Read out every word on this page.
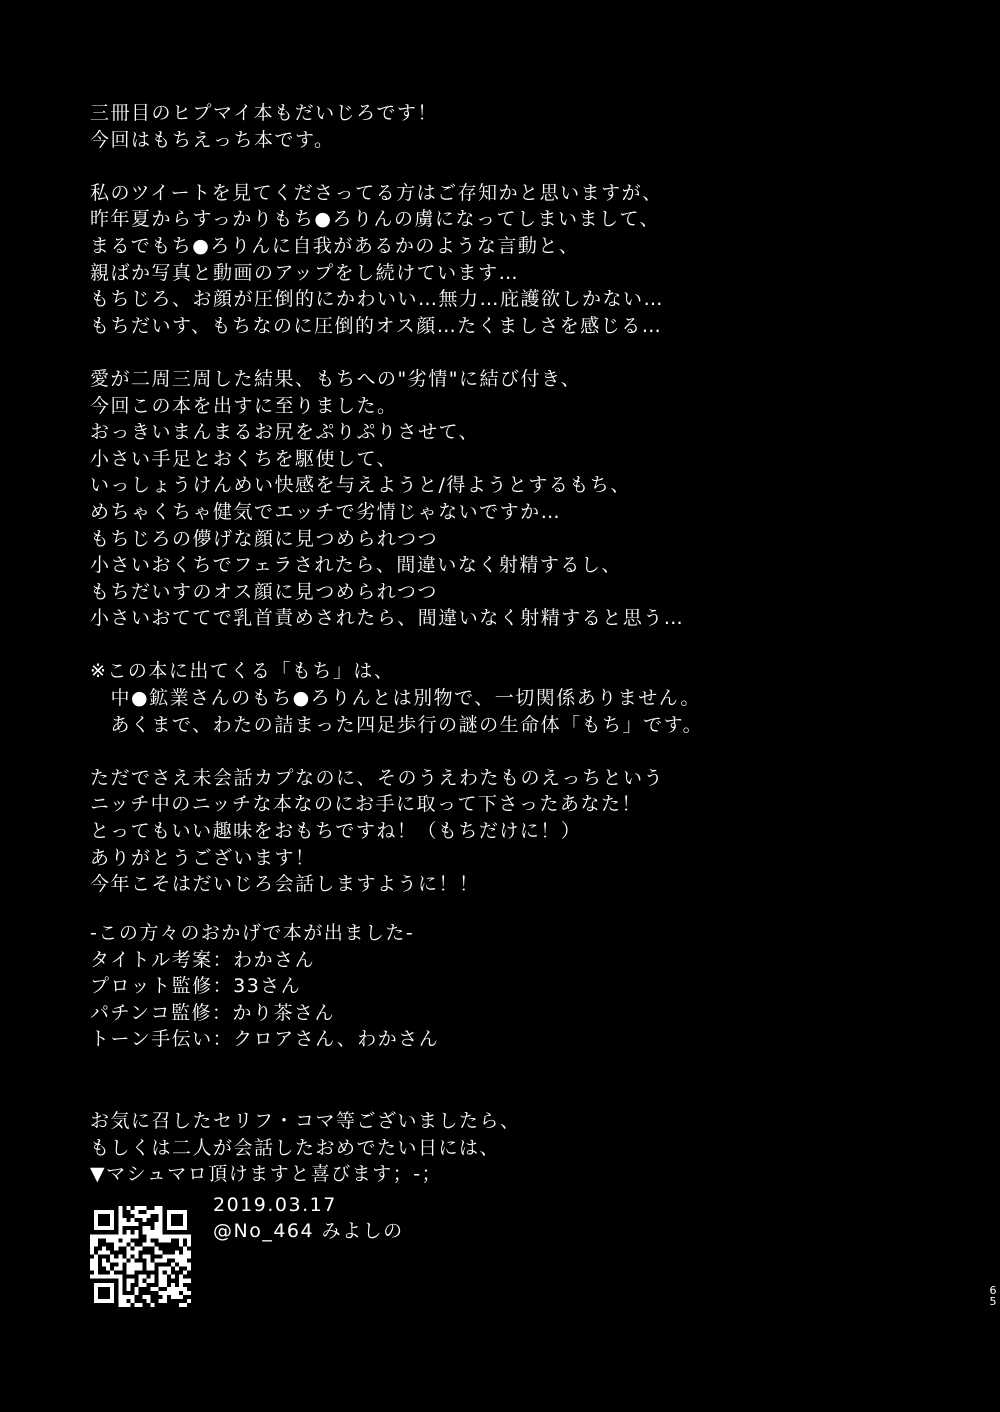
三冊目のヒプマイ本もだいじろです！
今回はもちえっち本です。
私のツイートを見てくださってる方はご存知かと思いますが、
昨年夏からすっかりもち●ろりんの虜になってしまいまして、
まるでもち●ろりんに自我があるかのような言動と、
親ばか写真と動画のアップをし続けています…
もちじろ、お顔が圧倒的にかわいい…無力…庇護欲しかない…
もちだいす、もちなのに圧倒的オス顔…たくましさを感じる…
愛が二周三周した結果、もちへの"劣情"に結び付き、
今回この本を出すに至りました。
おっきいまんまるお尻をぷりぷりさせて、
小さい手足とおくちを駆使して、
いっしょうけんめい快感を与えようと/得ようとするもち、
めちゃくちゃ健気でエッチで劣情じゃないですか…
もちじろの儚げな顔に見つめられつつ
小さいおくちでフェラされたら、間違いなく射精するし、
もちだいすのオス顔に見つめられつつ
小さいおててで乳首責めされたら、間違いなく射精すると思う…
※この本に出てくる「もち」は、
　中●鉱業さんのもち●ろりんとは別物で、一切関係ありません。
　あくまで、わたの詰まった四足歩行の謎の生命体「もち」です。
ただでさえ未会話カプなのに、そのうえわたものえっちという
ニッチ中のニッチな本なのにお手に取って下さったあなた！
とってもいい趣味をおもちですね！（もちだけに！）
ありがとうございます！
今年こそはだいじろ会話しますように！！
-この方々のおかげで本が出ました-
タイトル考案：わかさん
プロット監修：33さん
パチンコ監修：かり茶さん
トーン手伝い：クロアさん、わかさん
お気に召したセリフ・コマ等ございましたら、
もしくは二人が会話したおめでたい日には、
▼マシュマロ頂けますと喜びます；-；
2019.03.17
@No_464 みよしの
6
5
